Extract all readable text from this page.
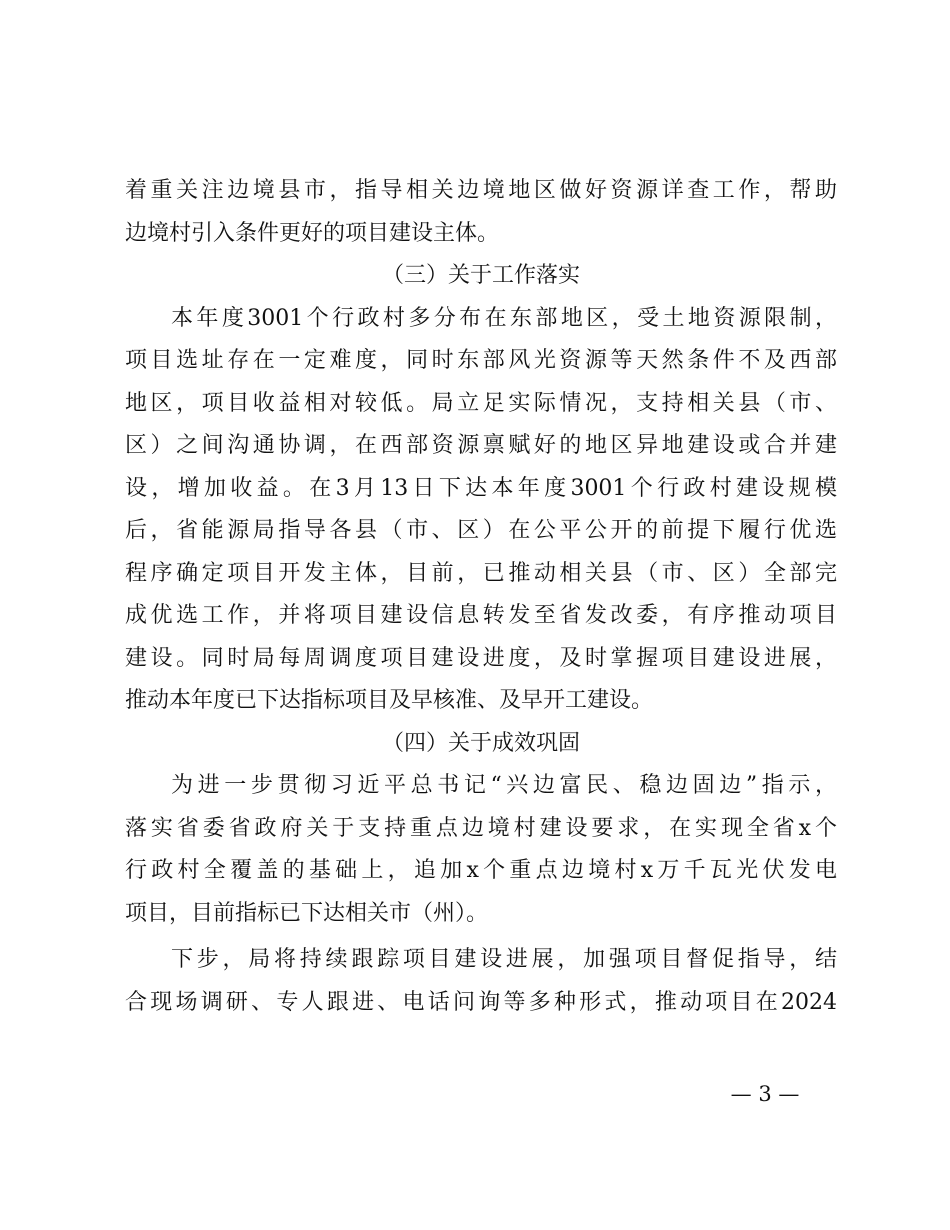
着重关注边境县市，指导相关边境地区做好资源详查工作，帮助
边境村引入条件更好的项目建设主体。
（三）关于工作落实
本年度3001个行政村多分布在东部地区，受土地资源限制，
项目选址存在一定难度，同时东部风光资源等天然条件不及西部
地区，项目收益相对较低。局立足实际情况，支持相关县（市、
区）之间沟通协调，在西部资源禀赋好的地区异地建设或合并建
设，增加收益。在3月13日下达本年度3001个行政村建设规模
后，省能源局指导各县（市、区）在公平公开的前提下履行优选
程序确定项目开发主体，目前，已推动相关县（市、区）全部完
成优选工作，并将项目建设信息转发至省发改委，有序推动项目
建设。同时局每周调度项目建设进度，及时掌握项目建设进展，
推动本年度已下达指标项目及早核准、及早开工建设。
（四）关于成效巩固
为进一步贯彻习近平总书记“兴边富民、稳边固边”指示，
落实省委省政府关于支持重点边境村建设要求，在实现全省x个
行政村全覆盖的基础上，追加x个重点边境村x万千瓦光伏发电
项目，目前指标已下达相关市（州）。
下步，局将持续跟踪项目建设进展，加强项目督促指导，结
合现场调研、专人跟进、电话问询等多种形式，推动项目在2024
— 3 —
